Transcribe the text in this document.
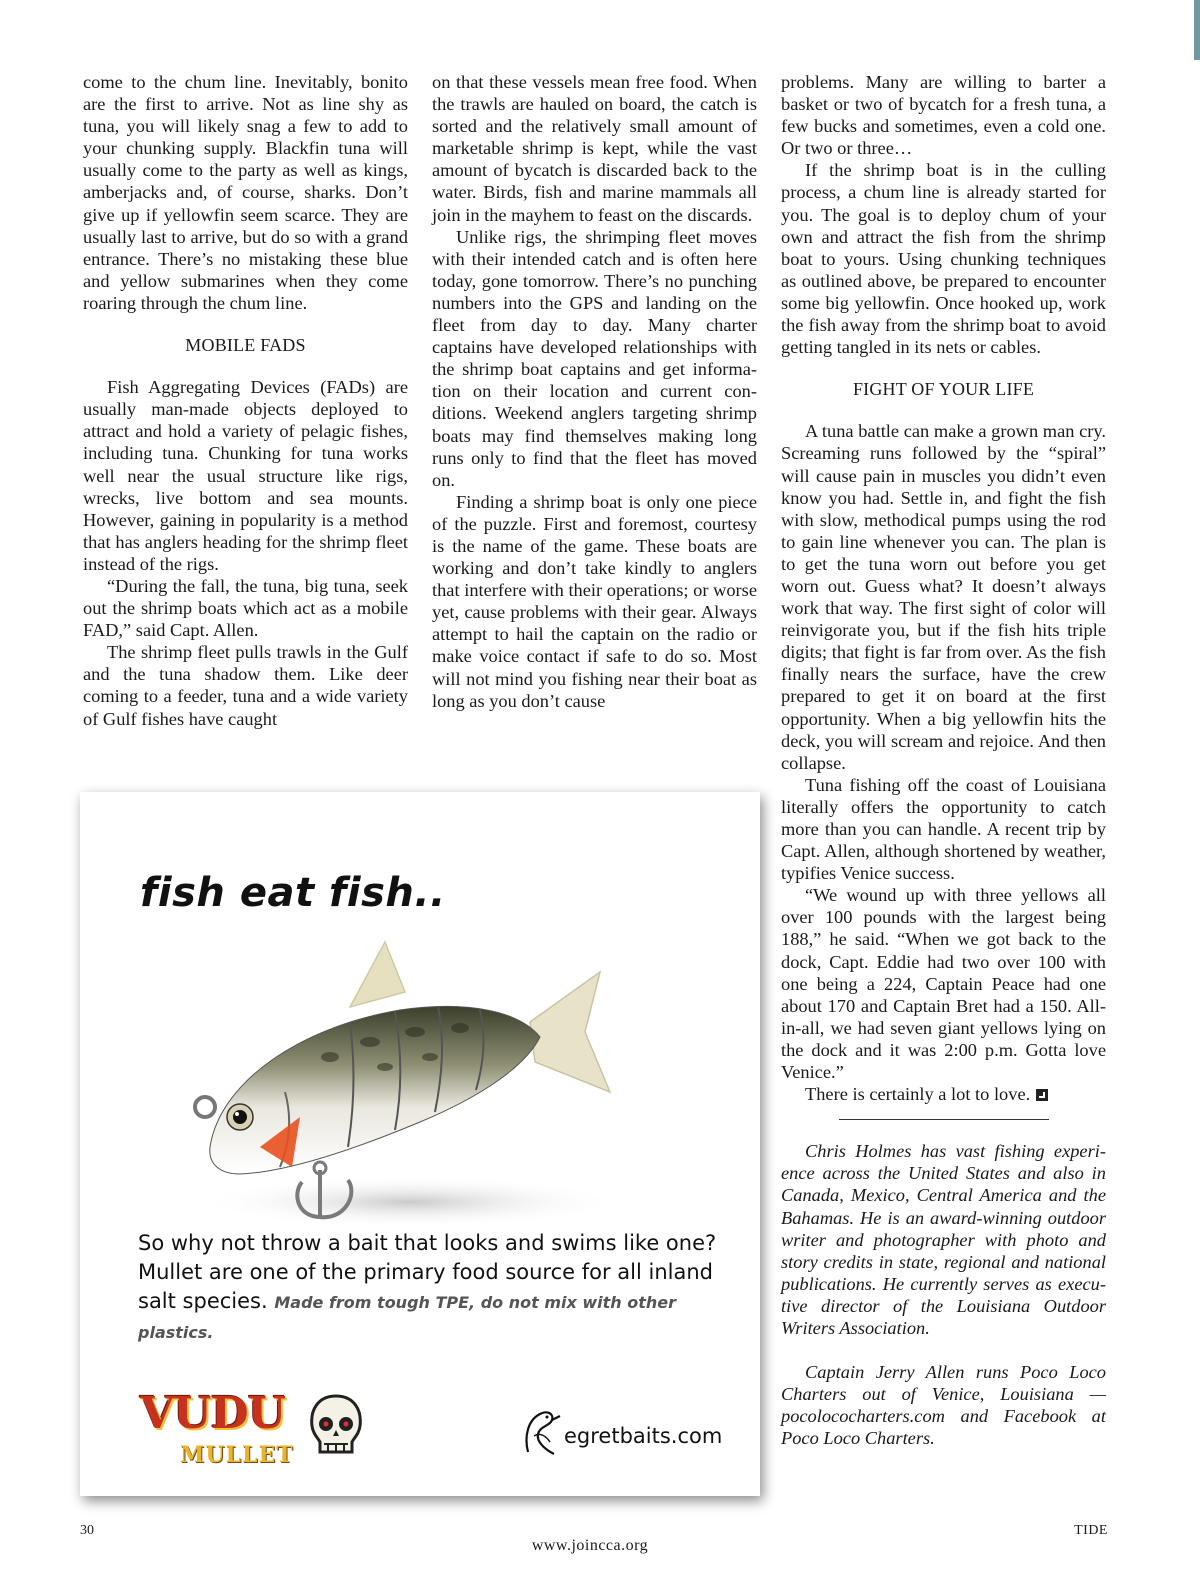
come to the chum line. Inevitably, bonito are the first to arrive. Not as line shy as tuna, you will likely snag a few to add to your chunking supply. Blackfin tuna will usually come to the party as well as kings, amberjacks and, of course, sharks. Don’t give up if yellowfin seem scarce. They are usually last to arrive, but do so with a grand entrance. There’s no mistaking these blue and yellow submarines when they come roaring through the chum line.

MOBILE FADS

Fish Aggregating Devices (FADs) are usually man-made objects deployed to attract and hold a variety of pelagic fishes, including tuna. Chunking for tuna works well near the usual structure like rigs, wrecks, live bottom and sea mounts. However, gaining in popularity is a method that has anglers heading for the shrimp fleet instead of the rigs.

“During the fall, the tuna, big tuna, seek out the shrimp boats which act as a mobile FAD,” said Capt. Allen.

The shrimp fleet pulls trawls in the Gulf and the tuna shadow them. Like deer coming to a feeder, tuna and a wide variety of Gulf fishes have caught

on that these vessels mean free food. When the trawls are hauled on board, the catch is sorted and the relatively small amount of marketable shrimp is kept, while the vast amount of bycatch is discarded back to the water. Birds, fish and marine mammals all join in the mayhem to feast on the discards.

Unlike rigs, the shrimping fleet moves with their intended catch and is often here today, gone tomorrow. There’s no punching numbers into the GPS and landing on the fleet from day to day. Many charter captains have developed relationships with the shrimp boat captains and get information on their location and current conditions. Weekend anglers targeting shrimp boats may find themselves making long runs only to find that the fleet has moved on.

Finding a shrimp boat is only one piece of the puzzle. First and foremost, courtesy is the name of the game. These boats are working and don’t take kindly to anglers that interfere with their operations; or worse yet, cause problems with their gear. Always attempt to hail the captain on the radio or make voice contact if safe to do so. Most will not mind you fishing near their boat as long as you don’t cause

problems. Many are willing to barter a basket or two of bycatch for a fresh tuna, a few bucks and sometimes, even a cold one. Or two or three…

If the shrimp boat is in the culling process, a chum line is already started for you. The goal is to deploy chum of your own and attract the fish from the shrimp boat to yours. Using chunking techniques as outlined above, be prepared to encounter some big yellowfin. Once hooked up, work the fish away from the shrimp boat to avoid getting tangled in its nets or cables.

FIGHT OF YOUR LIFE

A tuna battle can make a grown man cry. Screaming runs followed by the “spiral” will cause pain in muscles you didn’t even know you had. Settle in, and fight the fish with slow, methodical pumps using the rod to gain line whenever you can. The plan is to get the tuna worn out before you get worn out. Guess what? It doesn’t always work that way. The first sight of color will reinvigorate you, but if the fish hits triple digits; that fight is far from over. As the fish finally nears the surface, have the crew prepared to get it on board at the first opportunity. When a big yellowfin hits the deck, you will scream and rejoice. And then collapse.

Tuna fishing off the coast of Louisiana literally offers the opportunity to catch more than you can handle. A recent trip by Capt. Allen, although shortened by weather, typifies Venice success.

“We wound up with three yellows all over 100 pounds with the largest being 188,” he said. “When we got back to the dock, Capt. Eddie had two over 100 with one being a 224, Captain Peace had one about 170 and Captain Bret had a 150. All-in-all, we had seven giant yellows lying on the dock and it was 2:00 p.m. Gotta love Venice.”

There is certainly a lot to love.

Chris Holmes has vast fishing experience across the United States and also in Canada, Mexico, Central America and the Bahamas. He is an award-winning outdoor writer and photographer with photo and story credits in state, regional and national publications. He currently serves as executive director of the Louisiana Outdoor Writers Association.

Captain Jerry Allen runs Poco Loco Charters out of Venice, Louisiana — pocolococharters.com and Facebook at Poco Loco Charters.

fish eat fish..
So why not throw a bait that looks and swims like one?
Mullet are one of the primary food source for all inland
salt species. Made from tough TPE, do not mix with other plastics.
VUDU
MULLET
egretbaits.com
30	TIDE
www.joincca.org
